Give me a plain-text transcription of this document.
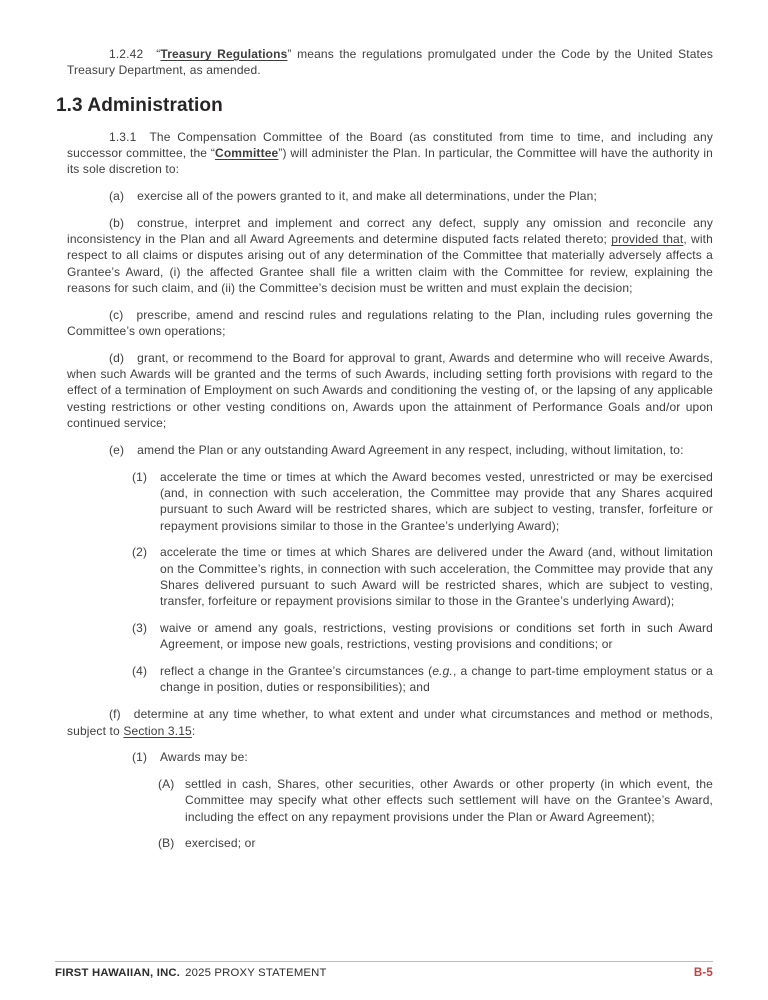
1.2.42 “Treasury Regulations” means the regulations promulgated under the Code by the United States Treasury Department, as amended.
1.3 Administration
1.3.1 The Compensation Committee of the Board (as constituted from time to time, and including any successor committee, the “Committee”) will administer the Plan. In particular, the Committee will have the authority in its sole discretion to:
(a) exercise all of the powers granted to it, and make all determinations, under the Plan;
(b) construe, interpret and implement and correct any defect, supply any omission and reconcile any inconsistency in the Plan and all Award Agreements and determine disputed facts related thereto; provided that, with respect to all claims or disputes arising out of any determination of the Committee that materially adversely affects a Grantee’s Award, (i) the affected Grantee shall file a written claim with the Committee for review, explaining the reasons for such claim, and (ii) the Committee’s decision must be written and must explain the decision;
(c) prescribe, amend and rescind rules and regulations relating to the Plan, including rules governing the Committee’s own operations;
(d) grant, or recommend to the Board for approval to grant, Awards and determine who will receive Awards, when such Awards will be granted and the terms of such Awards, including setting forth provisions with regard to the effect of a termination of Employment on such Awards and conditioning the vesting of, or the lapsing of any applicable vesting restrictions or other vesting conditions on, Awards upon the attainment of Performance Goals and/or upon continued service;
(e) amend the Plan or any outstanding Award Agreement in any respect, including, without limitation, to:
(1) accelerate the time or times at which the Award becomes vested, unrestricted or may be exercised (and, in connection with such acceleration, the Committee may provide that any Shares acquired pursuant to such Award will be restricted shares, which are subject to vesting, transfer, forfeiture or repayment provisions similar to those in the Grantee’s underlying Award);
(2) accelerate the time or times at which Shares are delivered under the Award (and, without limitation on the Committee’s rights, in connection with such acceleration, the Committee may provide that any Shares delivered pursuant to such Award will be restricted shares, which are subject to vesting, transfer, forfeiture or repayment provisions similar to those in the Grantee’s underlying Award);
(3) waive or amend any goals, restrictions, vesting provisions or conditions set forth in such Award Agreement, or impose new goals, restrictions, vesting provisions and conditions; or
(4) reflect a change in the Grantee’s circumstances (e.g., a change to part-time employment status or a change in position, duties or responsibilities); and
(f) determine at any time whether, to what extent and under what circumstances and method or methods, subject to Section 3.15:
(1) Awards may be:
(A) settled in cash, Shares, other securities, other Awards or other property (in which event, the Committee may specify what other effects such settlement will have on the Grantee’s Award, including the effect on any repayment provisions under the Plan or Award Agreement);
(B) exercised; or
FIRST HAWAIIAN, INC. 2025 PROXY STATEMENT	B-5
